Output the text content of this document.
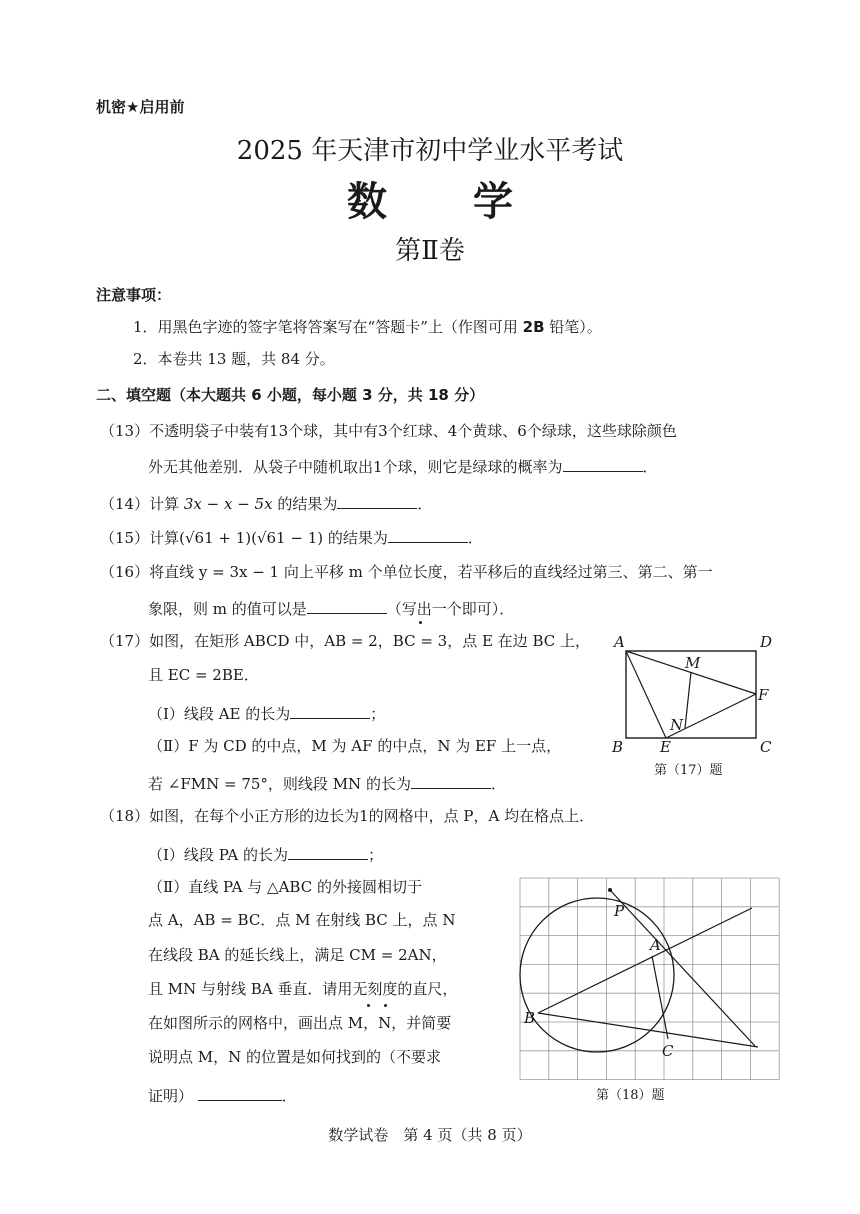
机密★启用前
2025 年天津市初中学业水平考试
数 学
第Ⅱ卷
注意事项：
1．用黑色字迹的签字笔将答案写在“答题卡”上（作图可用 2B 铅笔）。
2．本卷共 13 题，共 84 分。
二、填空题（本大题共 6 小题，每小题 3 分，共 18 分）
（13）不透明袋子中装有13个球，其中有3个红球、4个黄球、6个绿球，这些球除颜色
外无其他差别．从袋子中随机取出1个球，则它是绿球的概率为	．
（14）计算 3x − x − 5x 的结果为	．
（15）计算(√61 + 1)(√61 − 1) 的结果为	．
（16）将直线 y = 3x − 1 向上平移 m 个单位长度，若平移后的直线经过第三、第二、第一
象限，则 m 的值可以是	（写出一个即可）．
（17）如图，在矩形 ABCD 中，AB = 2，BC = 3，点 E 在边 BC 上，
且 EC = 2BE．
（Ⅰ）线段 AE 的长为	；
（Ⅱ）F 为 CD 的中点，M 为 AF 的中点，N 为 EF 上一点，
若 ∠FMN = 75°，则线段 MN 的长为	．
A	D
M
F
N
B E	C
第（17）题
（18）如图，在每个小正方形的边长为1的网格中，点 P，A 均在格点上．
（Ⅰ）线段 PA 的长为	；
（Ⅱ）直线 PA 与 △ABC 的外接圆相切于
点 A，AB = BC．点 M 在射线 BC 上，点 N
在线段 BA 的延长线上，满足 CM = 2AN，
且 MN 与射线 BA 垂直．请用无刻度的直尺，
在如图所示的网格中，画出点 M，N，并简要
说明点 M，N 的位置是如何找到的（不要求
证明）	．
P
A
B
C
第（18）题
数学试卷　第 4 页（共 8 页）
